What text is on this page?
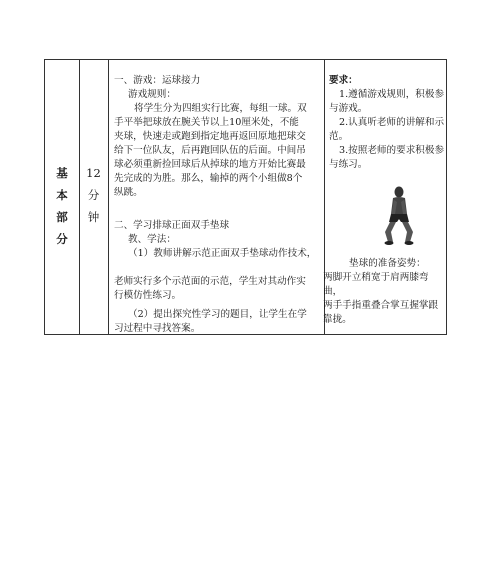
基
本
部
分
12
分
钟

一、游戏：运球接力

游戏规则：

将学生分为四组实行比赛，每组一球。双

手平举把球放在腕关节以上10厘米处，不能

夹球，快速走或跑到指定地再返回原地把球交

给下一位队友，后再跑回队伍的后面。中间吊

球必须重新捡回球后从掉球的地方开始比赛最

先完成的为胜。那么，输掉的两个小组做8个

纵跳。

二、学习排球正面双手垫球

教、学法：

（1）教师讲解示范正面双手垫球动作技术，

老师实行多个示范面的示范，学生对其动作实

行模仿性练习。

（2）提出探究性学习的题目，让学生在学

习过程中寻找答案。

要求：

1.遵循游戏规则，积极参

与游戏。

2.认真听老师的讲解和示

范。

3.按照老师的要求积极参

与练习。

垫球的准备姿势：

两脚开立稍宽于肩两膝弯曲，

两手手指重叠合掌互握掌跟

靠拢。
